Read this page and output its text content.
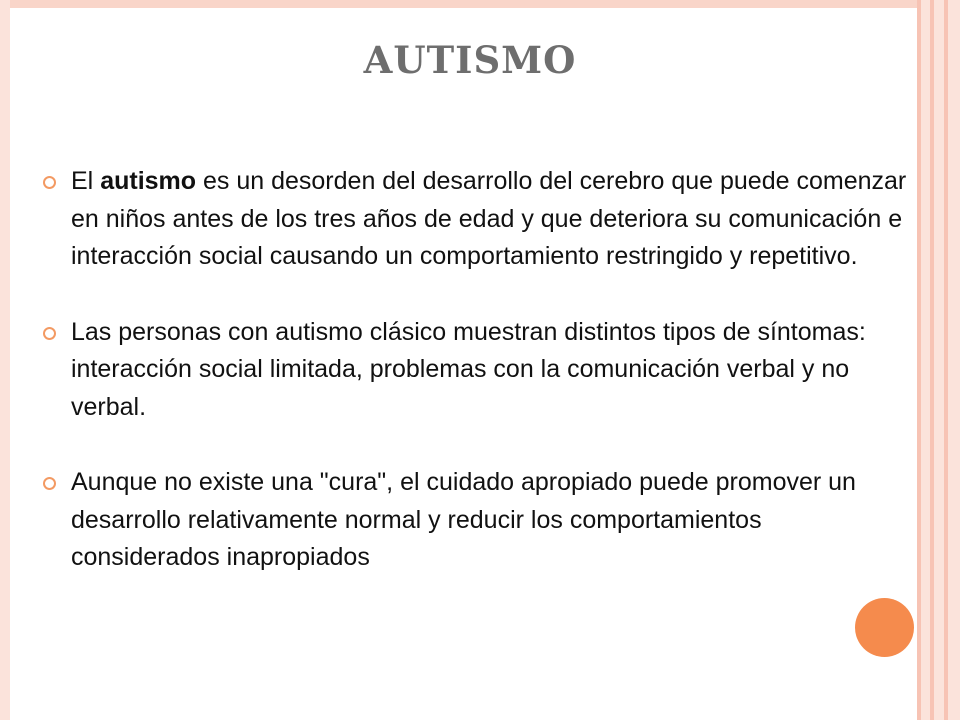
AUTISMO
El autismo es un desorden del desarrollo del cerebro que puede comenzar en niños antes de los tres años de edad y que deteriora su comunicación e interacción social causando un comportamiento restringido y repetitivo.
Las personas con autismo clásico muestran distintos tipos de síntomas: interacción social limitada, problemas con la comunicación verbal y no verbal.
Aunque no existe una "cura", el cuidado apropiado puede promover un desarrollo relativamente normal y reducir los comportamientos considerados inapropiados
